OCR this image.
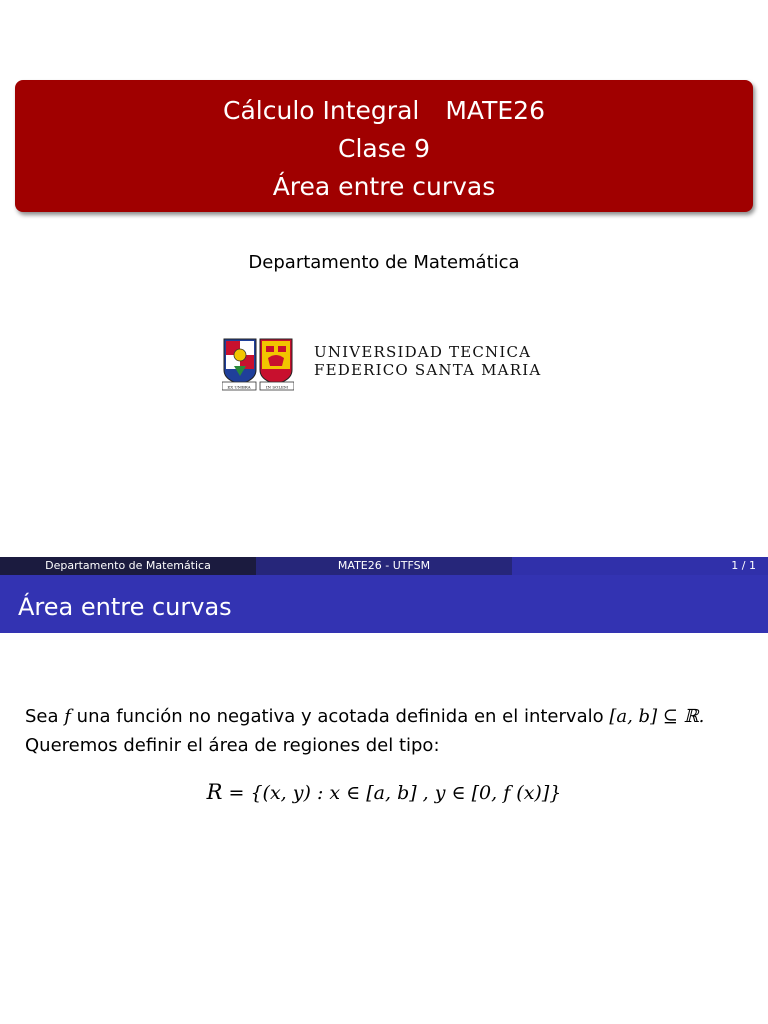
Cálculo Integral MATE26
Clase 9
Área entre curvas
Departamento de Matemática
EX UMBRA	IN SOLEM
UNIVERSIDAD TECNICA
FEDERICO SANTA MARIA
Departamento de Matemática	MATE26 - UTFSM	1 / 1
Área entre curvas
Sea f una función no negativa y acotada definida en el intervalo [a, b] ⊆ ℝ.
Queremos definir el área de regiones del tipo:
R = {(x, y) : x ∈ [a, b] , y ∈ [0, f (x)]}
